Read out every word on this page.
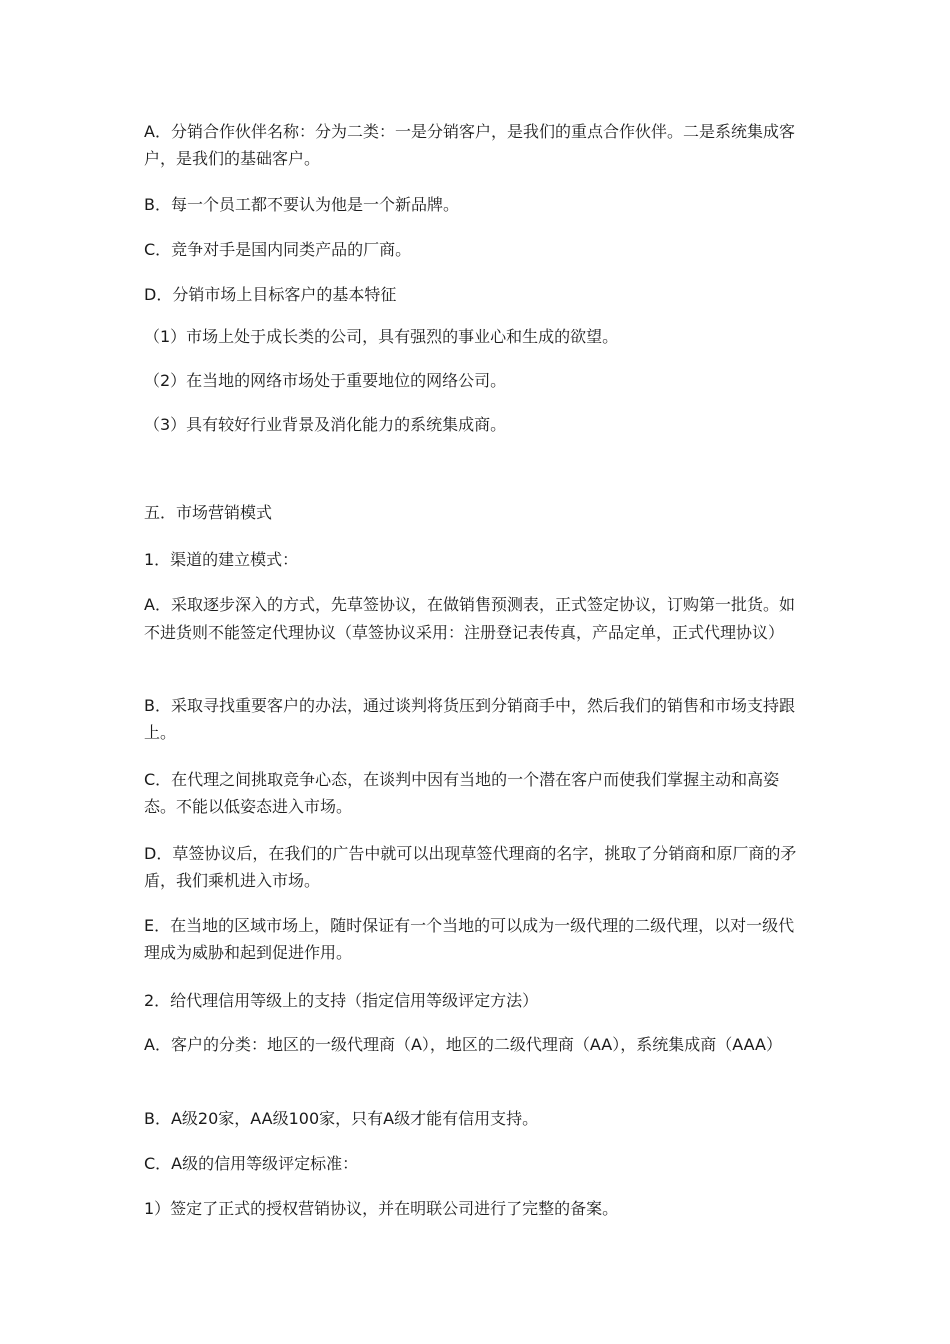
A．分销合作伙伴名称：分为二类：一是分销客户，是我们的重点合作伙伴。二是系统集成客户，是我们的基础客户。
B．每一个员工都不要认为他是一个新品牌。
C．竞争对手是国内同类产品的厂商。
D．分销市场上目标客户的基本特征
（1）市场上处于成长类的公司，具有强烈的事业心和生成的欲望。
（2）在当地的网络市场处于重要地位的网络公司。
（3）具有较好行业背景及消化能力的系统集成商。
五．市场营销模式
1．渠道的建立模式：
A．采取逐步深入的方式，先草签协议，在做销售预测表，正式签定协议，订购第一批货。如不进货则不能签定代理协议（草签协议采用：注册登记表传真，产品定单，正式代理协议）
B．采取寻找重要客户的办法，通过谈判将货压到分销商手中，然后我们的销售和市场支持跟上。
C．在代理之间挑取竞争心态，在谈判中因有当地的一个潜在客户而使我们掌握主动和高姿态。不能以低姿态进入市场。
D．草签协议后，在我们的广告中就可以出现草签代理商的名字，挑取了分销商和原厂商的矛盾，我们乘机进入市场。
E．在当地的区域市场上，随时保证有一个当地的可以成为一级代理的二级代理，以对一级代理成为威胁和起到促进作用。
2．给代理信用等级上的支持（指定信用等级评定方法）
A．客户的分类：地区的一级代理商（A），地区的二级代理商（AA），系统集成商（AAA）
B．A级20家，AA级100家，只有A级才能有信用支持。
C．A级的信用等级评定标准：
1）签定了正式的授权营销协议，并在明联公司进行了完整的备案。
